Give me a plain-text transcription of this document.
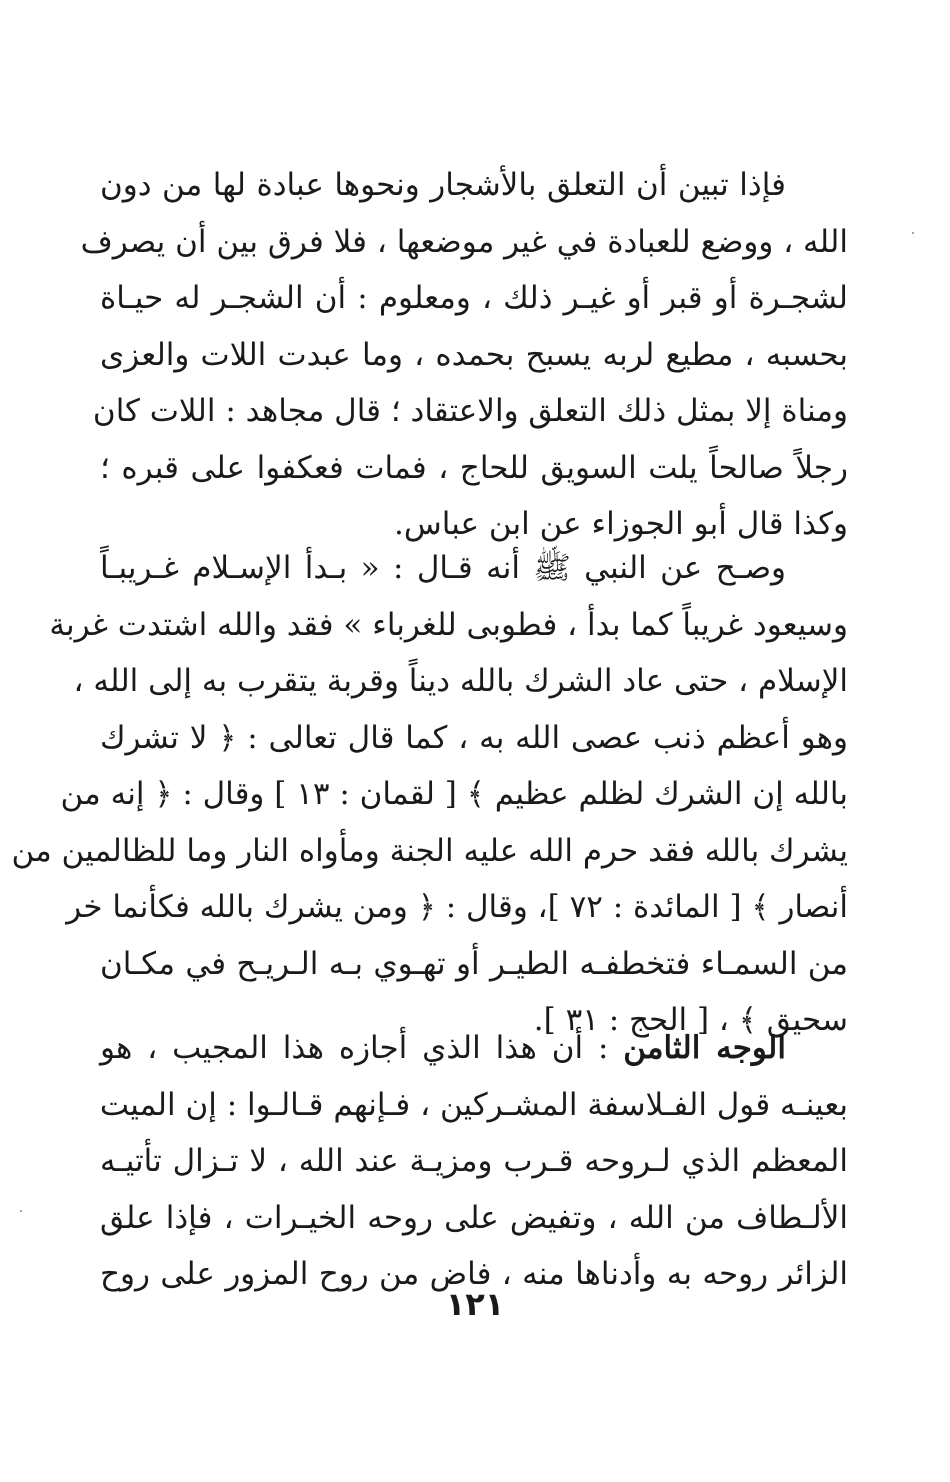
فإذا تبين أن التعلق بالأشجار ونحوها عبادة لها من دون
الله ، ووضع للعبادة في غير موضعها ، فلا فرق بين أن يصرف
لشجـرة أو قبر أو غيـر ذلك ، ومعلوم : أن الشجـر له حيـاة
بحسبه ، مطيع لربه يسبح بحمده ، وما عبدت اللات والعزى
ومناة إلا بمثل ذلك التعلق والاعتقاد ؛ قال مجاهد : اللات كان
رجلاً صالحاً يلت السويق للحاج ، فمات فعكفوا على قبره ؛
وكذا قال أبو الجوزاء عن ابن عباس.
وصـح عن النبي ﷺ أنه قـال : « بـدأ الإسـلام غـريبـاً
وسيعود غريباً كما بدأ ، فطوبى للغرباء » فقد والله اشتدت غربة
الإسلام ، حتى عاد الشرك بالله ديناً وقربة يتقرب به إلى الله ،
وهو أعظم ذنب عصى الله به ، كما قال تعالى : ﴿ لا تشرك
بالله إن الشرك لظلم عظيم ﴾ [ لقمان : ١٣ ] وقال : ﴿ إنه من
يشرك بالله فقد حرم الله عليه الجنة ومأواه النار وما للظالمين من
أنصار ﴾ [ المائدة : ٧٢ ]، وقال : ﴿ ومن يشرك بالله فكأنما خر
من السمـاء فتخطفـه الطيـر أو تهـوي بـه الـريـح في مكـان
سحيق ﴾ ، [ الحج : ٣١ ].
الوجه الثامن : أن هذا الذي أجازه هذا المجيب ، هو
بعينـه قول الفـلاسفة المشـركين ، فـإنهم قـالـوا : إن الميت
المعظم الذي لـروحه قـرب ومزيـة عند الله ، لا تـزال تأتيـه
الألـطاف من الله ، وتفيض على روحه الخيـرات ، فإذا علق
الزائر روحه به وأدناها منه ، فاض من روح المزور على روح
١٢١
